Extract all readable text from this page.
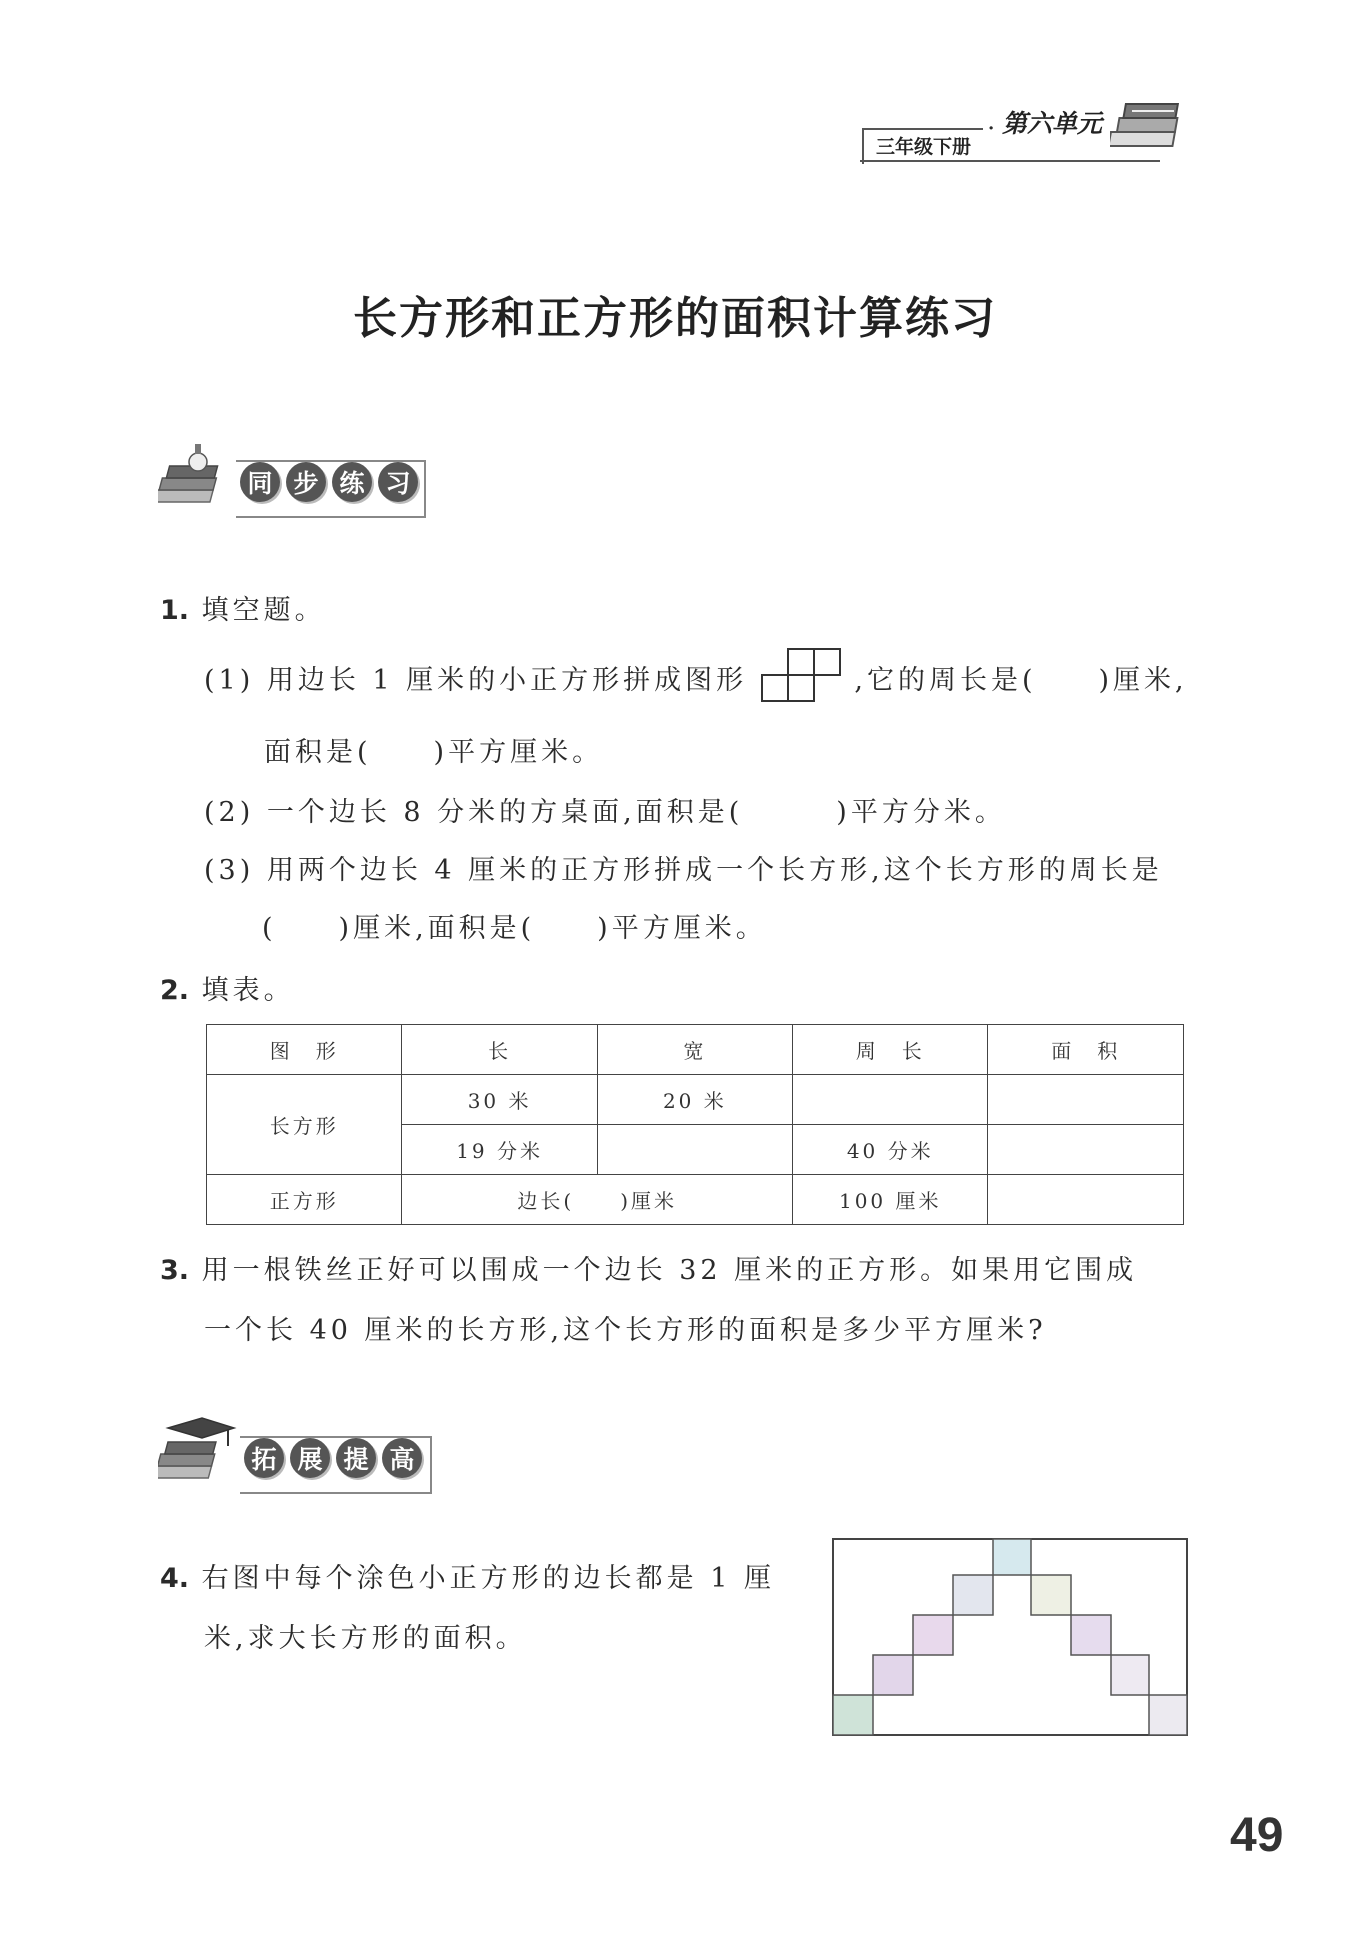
三年级下册
· 第六单元
长方形和正方形的面积计算练习
同 步 练 习
1. 填空题。
(1) 用边长 1 厘米的小正方形拼成图形	,它的周长是(　　)厘米,
面积是(　　)平方厘米。
(2) 一个边长 8 分米的方桌面,面积是(　　　)平方分米。
(3) 用两个边长 4 厘米的正方形拼成一个长方形,这个长方形的周长是
(　　)厘米,面积是(　　)平方厘米。
2. 填表。
图　形	长	宽	周　长	面　积
长方形	30 米	20 米		
	19 分米		40 分米	
正方形	边长(　　)厘米		100 厘米	
3. 用一根铁丝正好可以围成一个边长 32 厘米的正方形。如果用它围成
一个长 40 厘米的长方形,这个长方形的面积是多少平方厘米?
拓 展 提 高
4. 右图中每个涂色小正方形的边长都是 1 厘
米,求大长方形的面积。
49
